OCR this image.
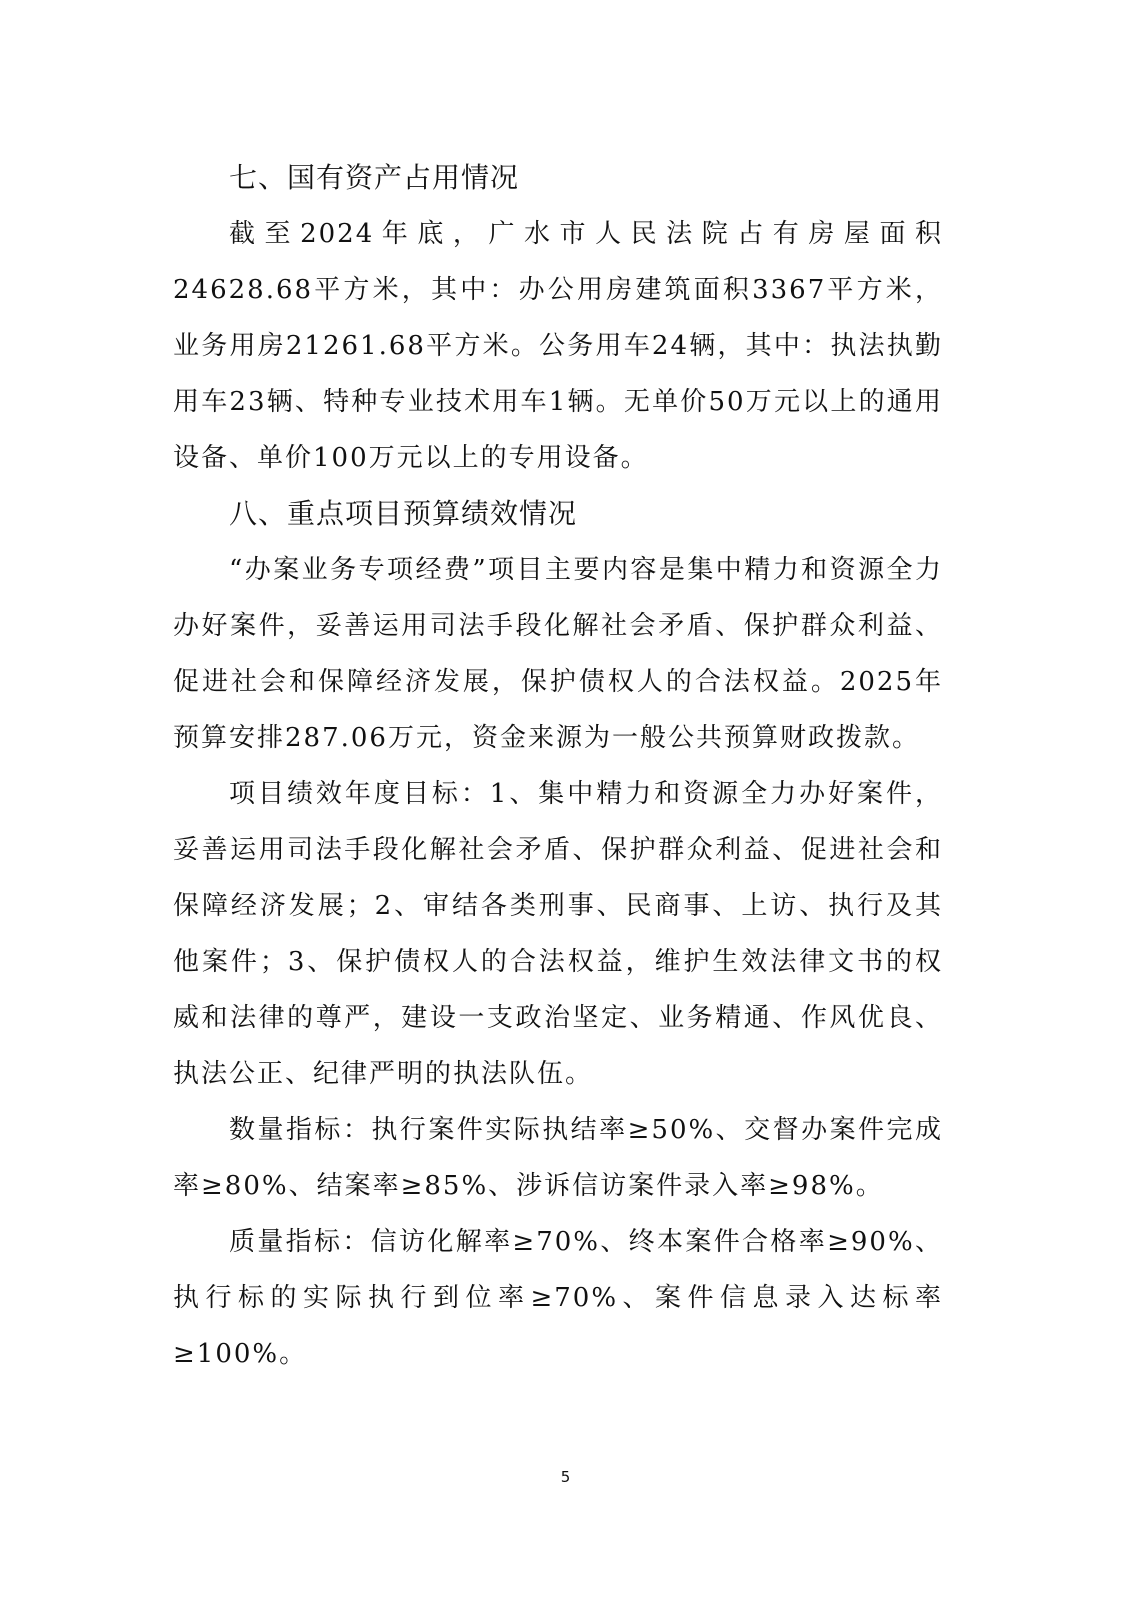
七、国有资产占用情况

截至2024年底，广水市人民法院占有房屋面积24628.68平方米，其中：办公用房建筑面积3367平方米，业务用房21261.68平方米。公务用车24辆，其中：执法执勤用车23辆、特种专业技术用车1辆。无单价50万元以上的通用设备、单价100万元以上的专用设备。

八、重点项目预算绩效情况

“办案业务专项经费”项目主要内容是集中精力和资源全力办好案件，妥善运用司法手段化解社会矛盾、保护群众利益、促进社会和保障经济发展，保护债权人的合法权益。2025年预算安排287.06万元，资金来源为一般公共预算财政拨款。

项目绩效年度目标：1、集中精力和资源全力办好案件，妥善运用司法手段化解社会矛盾、保护群众利益、促进社会和保障经济发展；2、审结各类刑事、民商事、上访、执行及其他案件；3、保护债权人的合法权益，维护生效法律文书的权威和法律的尊严，建设一支政治坚定、业务精通、作风优良、执法公正、纪律严明的执法队伍。

数量指标：执行案件实际执结率≥50%、交督办案件完成率≥80%、结案率≥85%、涉诉信访案件录入率≥98%。

质量指标：信访化解率≥70%、终本案件合格率≥90%、执行标的实际执行到位率≥70%、案件信息录入达标率≥100%。

5
